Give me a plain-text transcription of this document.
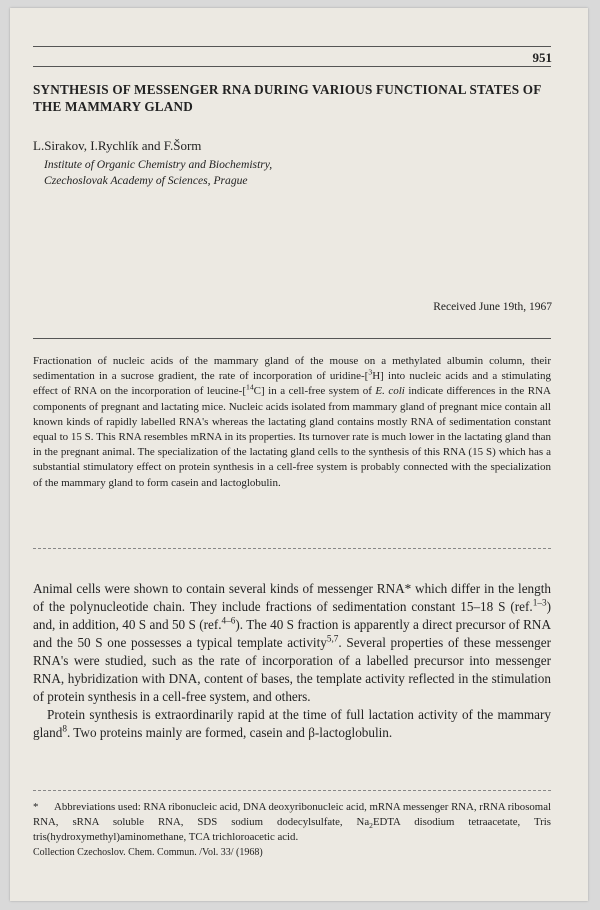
951
SYNTHESIS OF MESSENGER RNA DURING VARIOUS FUNCTIONAL STATES OF THE MAMMARY GLAND
L.Sirakov, I.Rychlík and F.Šorm
Institute of Organic Chemistry and Biochemistry,
Czechoslovak Academy of Sciences, Prague
Received June 19th, 1967
Fractionation of nucleic acids of the mammary gland of the mouse on a methylated albumin column, their sedimentation in a sucrose gradient, the rate of incorporation of uridine-[$^3$H] into nucleic acids and a stimulating effect of RNA on the incorporation of leucine-[$^{14}$C] in a cell-free system of E. coli indicate differences in the RNA components of pregnant and lactating mice. Nucleic acids isolated from mammary gland of pregnant mice contain all known kinds of rapidly labelled RNA's whereas the lactating gland contains mostly RNA of sedimentation constant equal to 15 S. This RNA resembles mRNA in its properties. Its turnover rate is much lower in the lactating gland than in the pregnant animal. The specialization of the lactating gland cells to the synthesis of this RNA (15 S) which has a substantial stimulatory effect on protein synthesis in a cell-free system is probably connected with the specialization of the mammary gland to form casein and lactoglobulin.

Animal cells were shown to contain several kinds of messenger RNA* which differ in the length of the polynucleotide chain. They include fractions of sedimentation constant 15–18 S (ref.$^{1-3}$) and, in addition, 40 S and 50 S (ref.$^{4-6}$). The 40 S fraction is apparently a direct precursor of RNA and the 50 S one possesses a typical template activity$^{5,7}$. Several properties of these messenger RNA's were studied, such as the rate of incorporation of a labelled precursor into messenger RNA, hybridization with DNA, content of bases, the template activity reflected in the stimulation of protein synthesis in a cell-free system, and others.

Protein synthesis is extraordinarily rapid at the time of full lactation activity of the mammary gland$^8$. Two proteins mainly are formed, casein and β-lactoglobulin.

*      Abbreviations used: RNA ribonucleic acid, DNA deoxyribonucleic acid, mRNA messenger RNA, rRNA ribosomal RNA, sRNA soluble RNA, SDS sodium dodecylsulfate, $Na_2EDTA$ disodium tetraacetate, Tris tris(hydroxymethyl)aminomethane, TCA trichloroacetic acid.
Collection Czechoslov. Chem. Commun. /Vol. 33/ (1968)
